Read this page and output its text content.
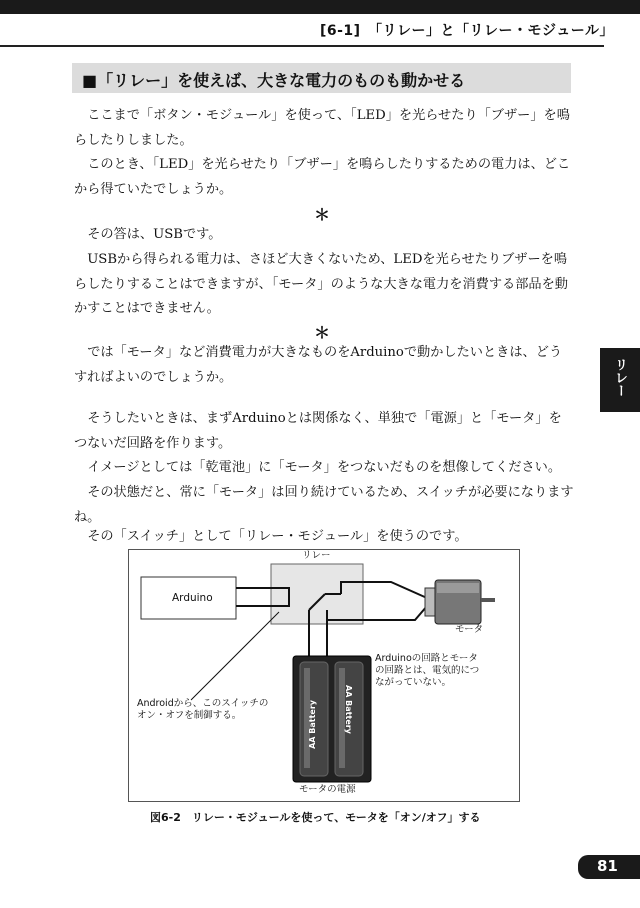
[6-1]　「リレー」と「リレー・モジュール」
■「リレー」を使えば、大きな電力のものも動かせる

ここまで「ボタン・モジュール」を使って、「LED」を光らせたり「ブザー」を鳴らしたりしました。

このとき、「LED」を光らせたり「ブザー」を鳴らしたりするための電力は、どこから得ていたでしょうか。

＊

その答は、USBです。

USBから得られる電力は、さほど大きくないため、LEDを光らせたりブザーを鳴らしたりすることはできますが、「モータ」のような大きな電力を消費する部品を動かすことはできません。

＊

では「モータ」など消費電力が大きなものをArduinoで動かしたいときは、どうすればよいのでしょうか。

そうしたいときは、まずArduinoとは関係なく、単独で「電源」と「モータ」をつないだ回路を作ります。

イメージとしては「乾電池」に「モータ」をつないだものを想像してください。

その状態だと、常に「モータ」は回り続けているため、スイッチが必要になりますね。

その「スイッチ」として「リレー・モジュール」を使うのです。

リレー
Arduino
リレー
モータ
Androidから、このスイッチのオン・オフを制御する。
Arduinoの回路とモータの回路とは、電気的につながっていない。
AA Battery	AA Battery
モータの電源
図6-2　リレー・モジュールを使って、モータを「オン/オフ」する
81
